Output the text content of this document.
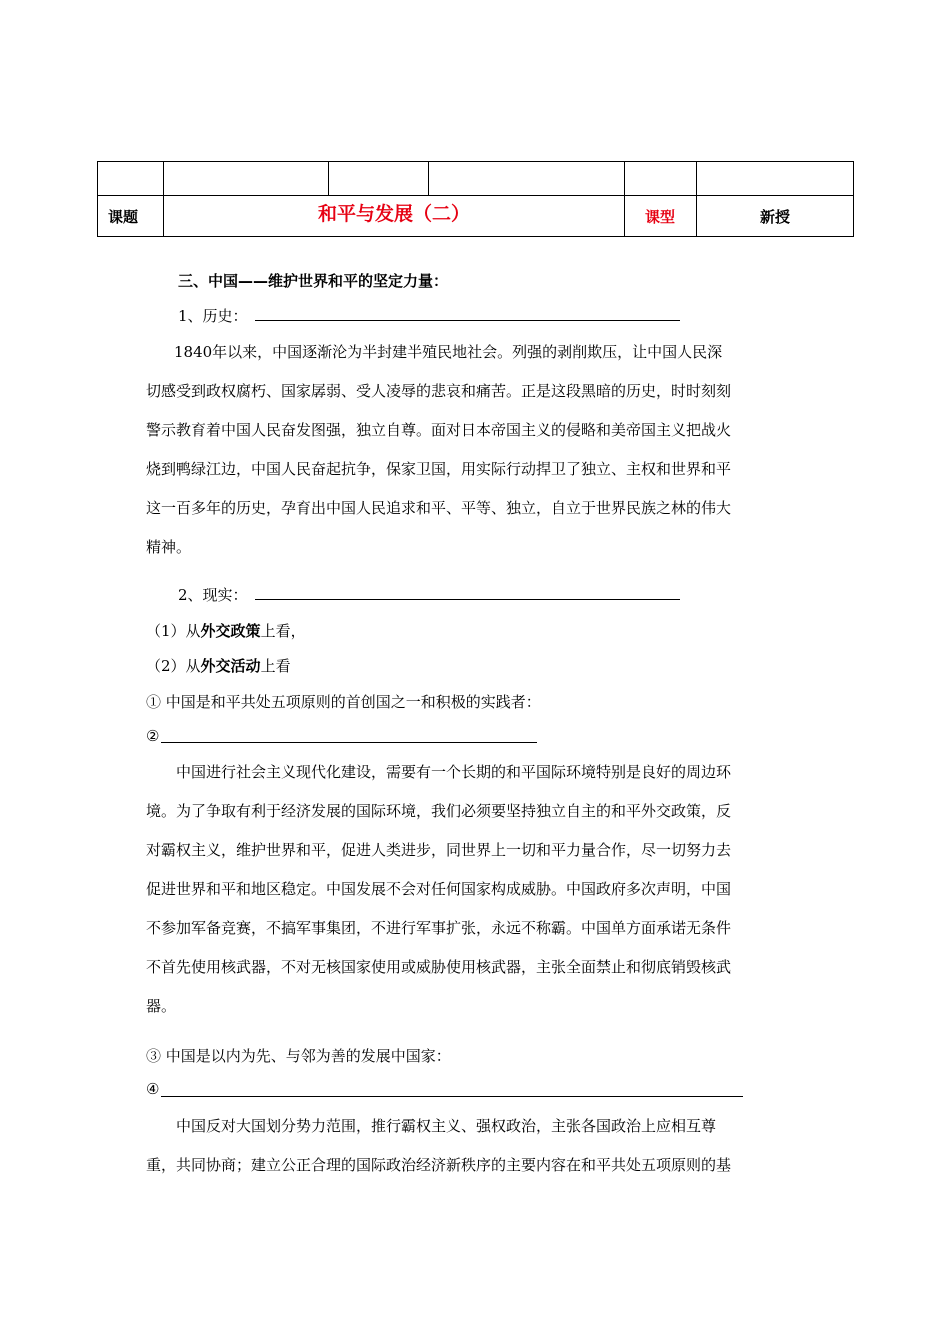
课题	和平与发展（二）			课型	新授
三、中国——维护世界和平的坚定力量：
1、历史：
1840年以来，中国逐渐沦为半封建半殖民地社会。列强的剥削欺压，让中国人民深
切感受到政权腐朽、国家孱弱、受人凌辱的悲哀和痛苦。正是这段黑暗的历史，时时刻刻
警示教育着中国人民奋发图强，独立自尊。面对日本帝国主义的侵略和美帝国主义把战火
烧到鸭绿江边，中国人民奋起抗争，保家卫国，用实际行动捍卫了独立、主权和世界和平
这一百多年的历史，孕育出中国人民追求和平、平等、独立，自立于世界民族之林的伟大
精神。
2、现实：
（1）从外交政策上看，
（2）从外交活动上看
① 中国是和平共处五项原则的首创国之一和积极的实践者：
②
中国进行社会主义现代化建设，需要有一个长期的和平国际环境特别是良好的周边环
境。为了争取有利于经济发展的国际环境，我们必须要坚持独立自主的和平外交政策，反
对霸权主义，维护世界和平，促进人类进步，同世界上一切和平力量合作，尽一切努力去
促进世界和平和地区稳定。中国发展不会对任何国家构成威胁。中国政府多次声明，中国
不参加军备竞赛，不搞军事集团，不进行军事扩张，永远不称霸。中国单方面承诺无条件
不首先使用核武器，不对无核国家使用或威胁使用核武器，主张全面禁止和彻底销毁核武
器。
③ 中国是以内为先、与邻为善的发展中国家：
④
中国反对大国划分势力范围，推行霸权主义、强权政治，主张各国政治上应相互尊
重，共同协商；建立公正合理的国际政治经济新秩序的主要内容在和平共处五项原则的基
